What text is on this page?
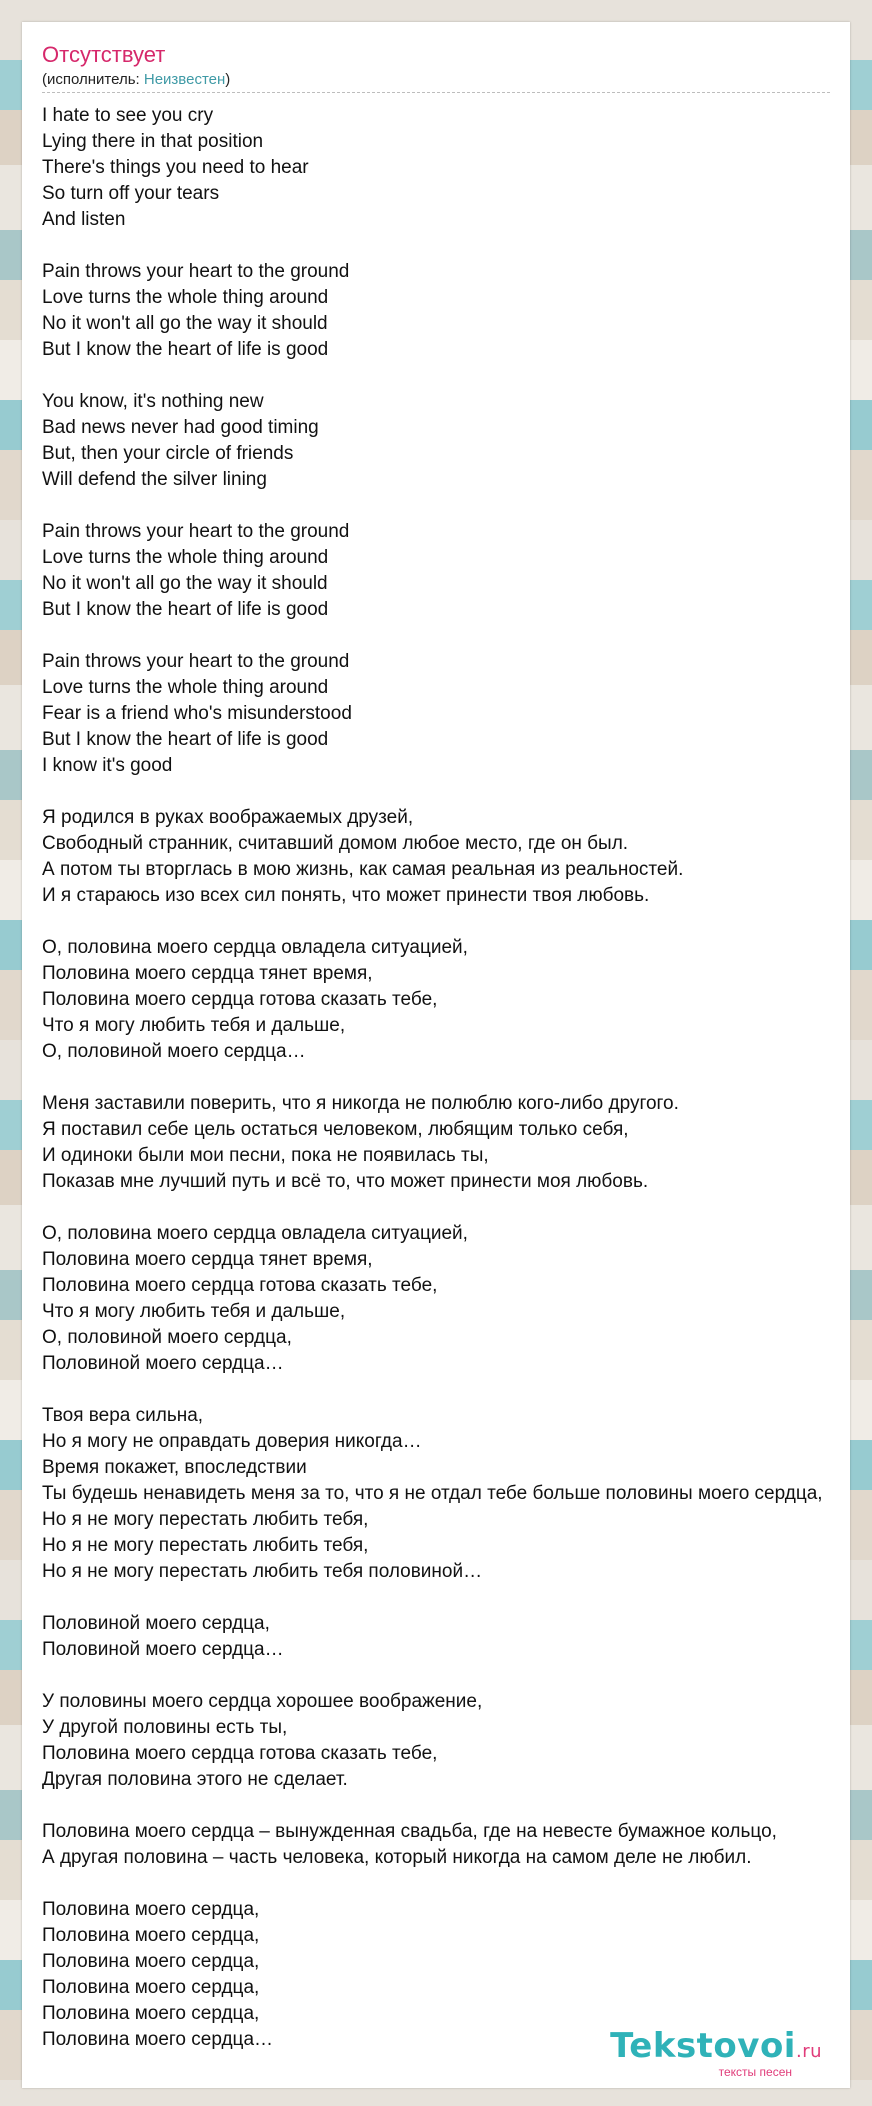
Отсутствует
(исполнитель: Неизвестен)
I hate to see you cry
Lying there in that position
There's things you need to hear
So turn off your tears
And listen
Pain throws your heart to the ground
Love turns the whole thing around
No it won't all go the way it should
But I know the heart of life is good
You know, it's nothing new
Bad news never had good timing
But, then your circle of friends
Will defend the silver lining
Pain throws your heart to the ground
Love turns the whole thing around
No it won't all go the way it should
But I know the heart of life is good
Pain throws your heart to the ground
Love turns the whole thing around
Fear is a friend who's misunderstood
But I know the heart of life is good
I know it's good
Я родился в руках воображаемых друзей,
Свободный странник, считавший домом любое место, где он был.
А потом ты вторглась в мою жизнь, как самая реальная из реальностей.
И я стараюсь изо всех сил понять, что может принести твоя любовь.
О, половина моего сердца овладела ситуацией,
Половина моего сердца тянет время,
Половина моего сердца готова сказать тебе,
Что я могу любить тебя и дальше,
О, половиной моего сердца…
Меня заставили поверить, что я никогда не полюблю кого-либо другого.
Я поставил себе цель остаться человеком, любящим только себя,
И одиноки были мои песни, пока не появилась ты,
Показав мне лучший путь и всё то, что может принести моя любовь.
О, половина моего сердца овладела ситуацией,
Половина моего сердца тянет время,
Половина моего сердца готова сказать тебе,
Что я могу любить тебя и дальше,
О, половиной моего сердца,
Половиной моего сердца…
Твоя вера сильна,
Но я могу не оправдать доверия никогда…
Время покажет, впоследствии
Ты будешь ненавидеть меня за то, что я не отдал тебе больше половины моего сердца,
Но я не могу перестать любить тебя,
Но я не могу перестать любить тебя,
Но я не могу перестать любить тебя половиной…
Половиной моего сердца,
Половиной моего сердца…
У половины моего сердца хорошее воображение,
У другой половины есть ты,
Половина моего сердца готова сказать тебе,
Другая половина этого не сделает.
Половина моего сердца – вынужденная свадьба, где на невесте бумажное кольцо,
А другая половина – часть человека, который никогда на самом деле не любил.
Половина моего сердца,
Половина моего сердца,
Половина моего сердца,
Половина моего сердца,
Половина моего сердца,
Половина моего сердца…	Tekstovoi.ru
тексты песен
